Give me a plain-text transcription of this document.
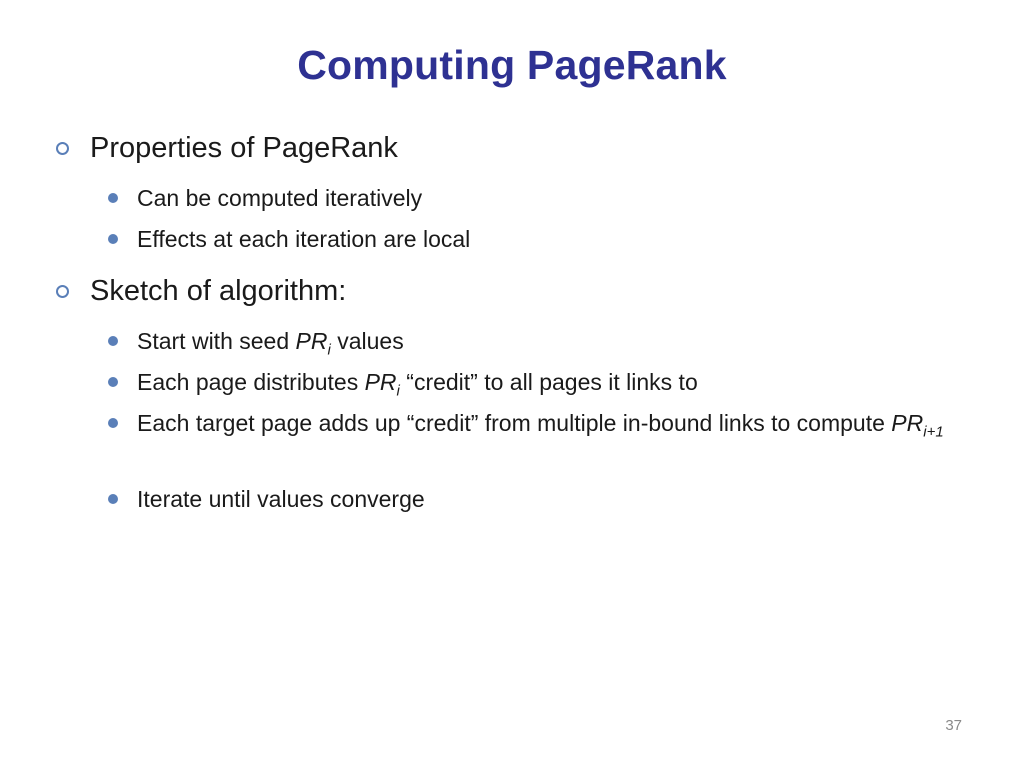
Computing PageRank
Properties of PageRank
Can be computed iteratively
Effects at each iteration are local
Sketch of algorithm:
Start with seed $PR_i$ values
Each page distributes $PR_i$ “credit” to all pages it links to
Each target page adds up “credit” from multiple in-bound links to compute $PR_{i+1}$
Iterate until values converge
37
